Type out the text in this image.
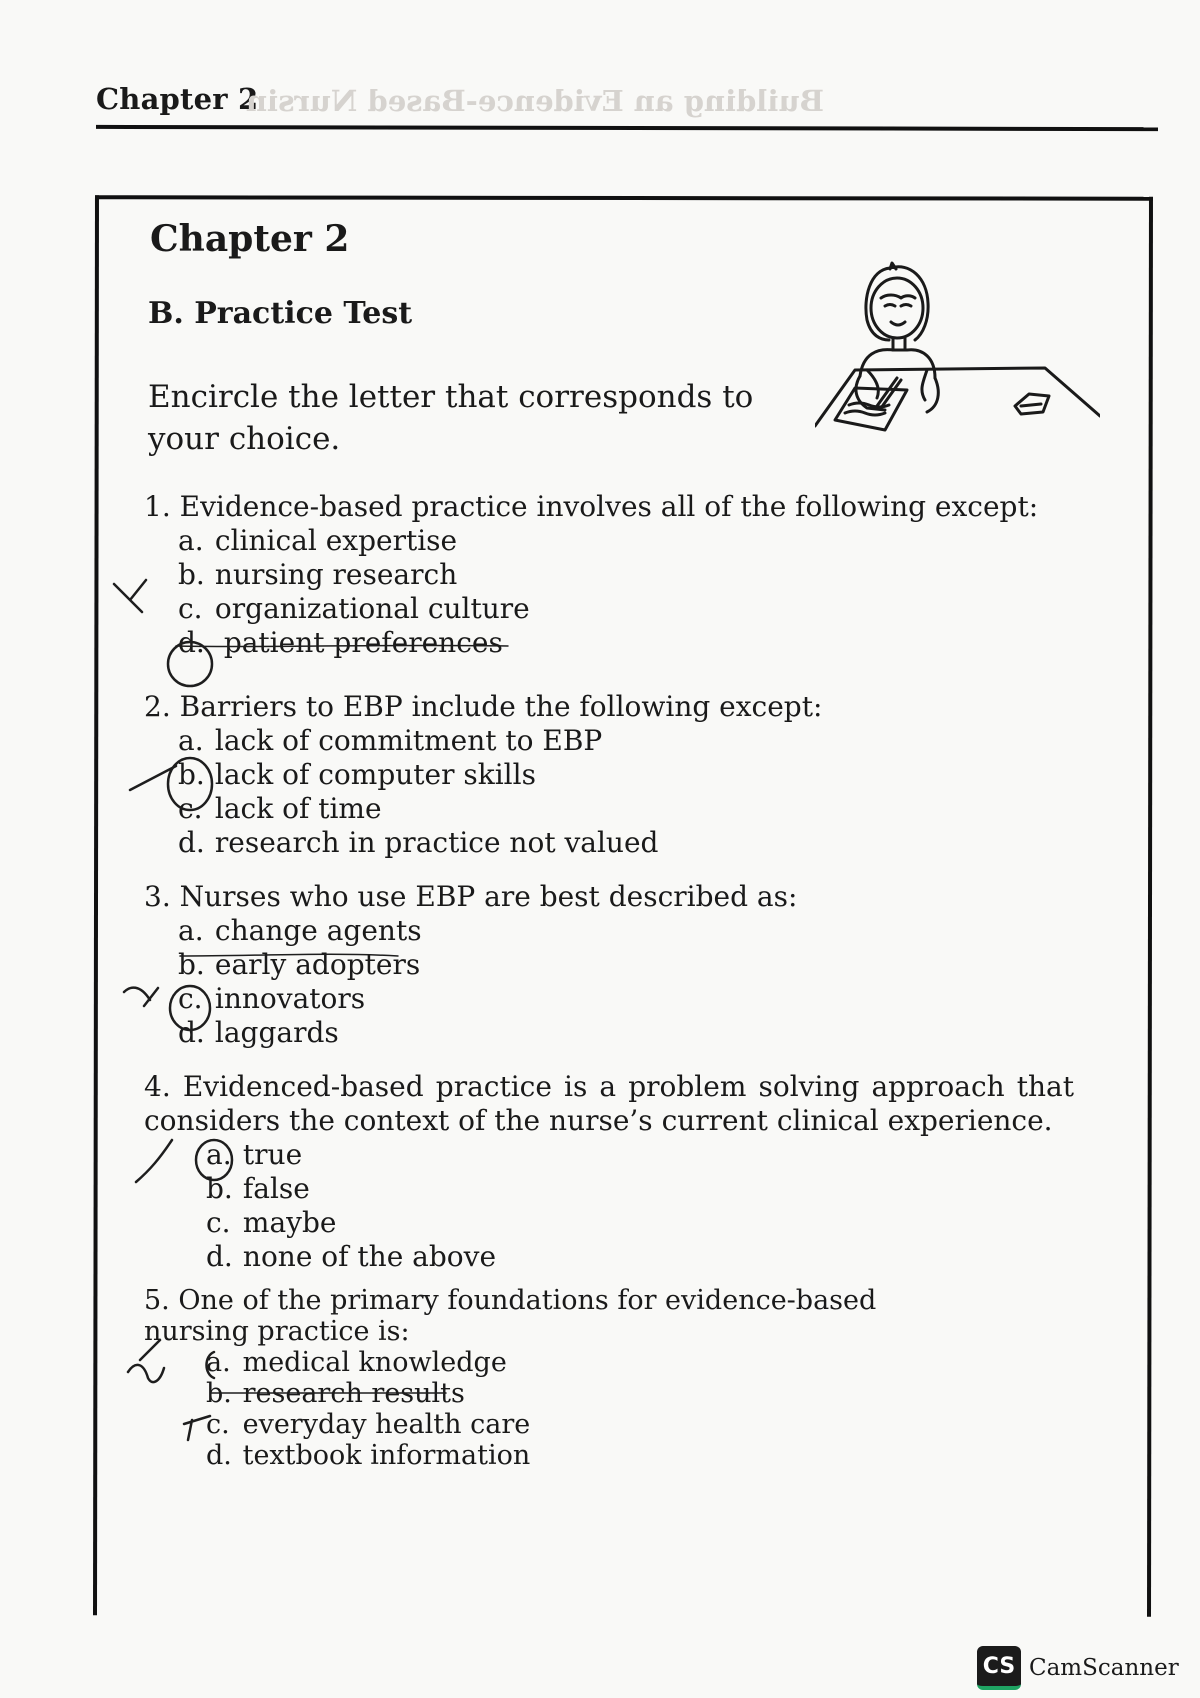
Chapter 2
Building an Evidence-Based Nursin
Chapter 2
B. Practice Test
Encircle the letter that corresponds to your choice.
1. Evidence-based practice involves all of the following except:
a. clinical expertise
b. nursing research
c. organizational culture
d. patient preferences
2. Barriers to EBP include the following except:
a. lack of commitment to EBP
b. lack of computer skills
c. lack of time
d. research in practice not valued
3. Nurses who use EBP are best described as:
a. change agents
b. early adopters
c. innovators
d. laggards
4. Evidenced-based practice is a problem solving approach that considers the context of the nurse’s current clinical experience.
a. true
b. false
c. maybe
d. none of the above
5. One of the primary foundations for evidence-based nursing practice is:
a. medical knowledge
b. research results
c. everyday health care
d. textbook information
CS CamScanner
